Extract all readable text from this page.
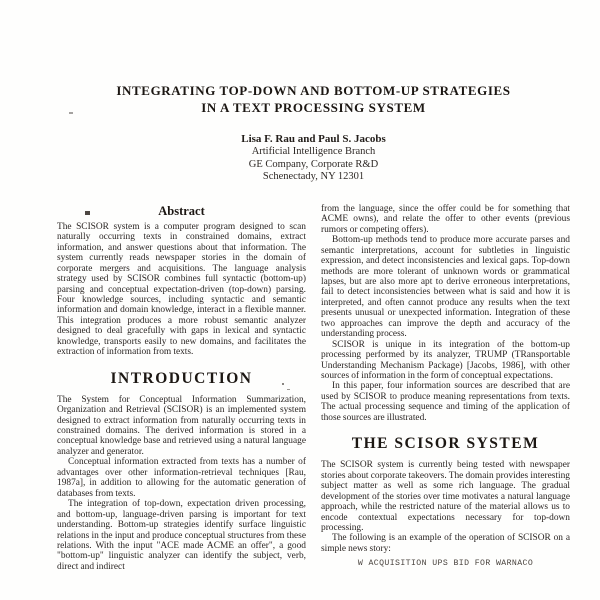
INTEGRATING TOP-DOWN AND BOTTOM-UP STRATEGIES
IN A TEXT PROCESSING SYSTEM
Lisa F. Rau and Paul S. Jacobs
Artificial Intelligence Branch
GE Company, Corporate R&D
Schenectady, NY 12301
Abstract

The SCISOR system is a computer program designed to scan naturally occurring texts in constrained domains, extract information, and answer questions about that information. The system currently reads newspaper stories in the domain of corporate mergers and acquisitions. The language analysis strategy used by SCISOR combines full syntactic (bottom-up) parsing and conceptual expectation-driven (top-down) parsing. Four knowledge sources, including syntactic and semantic information and domain knowledge, interact in a flexible manner. This integration produces a more robust semantic analyzer designed to deal gracefully with gaps in lexical and syntactic knowledge, transports easily to new domains, and facilitates the extraction of information from texts.

INTRODUCTION

The System for Conceptual Information Summarization, Organization and Retrieval (SCISOR) is an implemented system designed to extract information from naturally occurring texts in constrained domains. The derived information is stored in a conceptual knowledge base and retrieved using a natural language analyzer and generator.

Conceptual information extracted from texts has a number of advantages over other information-retrieval techniques [Rau, 1987a], in addition to allowing for the automatic generation of databases from texts.

The integration of top-down, expectation driven processing, and bottom-up, language-driven parsing is important for text understanding. Bottom-up strategies identify surface linguistic relations in the input and produce conceptual structures from these relations. With the input "ACE made ACME an offer", a good "bottom-up" linguistic analyzer can identify the subject, verb, direct and indirect

from the language, since the offer could be for something that ACME owns), and relate the offer to other events (previous rumors or competing offers).

Bottom-up methods tend to produce more accurate parses and semantic interpretations, account for subtleties in linguistic expression, and detect inconsistencies and lexical gaps. Top-down methods are more tolerant of unknown words or grammatical lapses, but are also more apt to derive erroneous interpretations, fail to detect inconsistencies between what is said and how it is interpreted, and often cannot produce any results when the text presents unusual or unexpected information. Integration of these two approaches can improve the depth and accuracy of the understanding process.

SCISOR is unique in its integration of the bottom-up processing performed by its analyzer, TRUMP (TRansportable Understanding Mechanism Package) [Jacobs, 1986], with other sources of information in the form of conceptual expectations.

In this paper, four information sources are described that are used by SCISOR to produce meaning representations from texts. The actual processing sequence and timing of the application of those sources are illustrated.

THE SCISOR SYSTEM

The SCISOR system is currently being tested with newspaper stories about corporate takeovers. The domain provides interesting subject matter as well as some rich language. The gradual development of the stories over time motivates a natural language approach, while the restricted nature of the material allows us to encode contextual expectations necessary for top-down processing.

The following is an example of the operation of SCISOR on a simple news story:

W ACQUISITION UPS BID FOR WARNACO
